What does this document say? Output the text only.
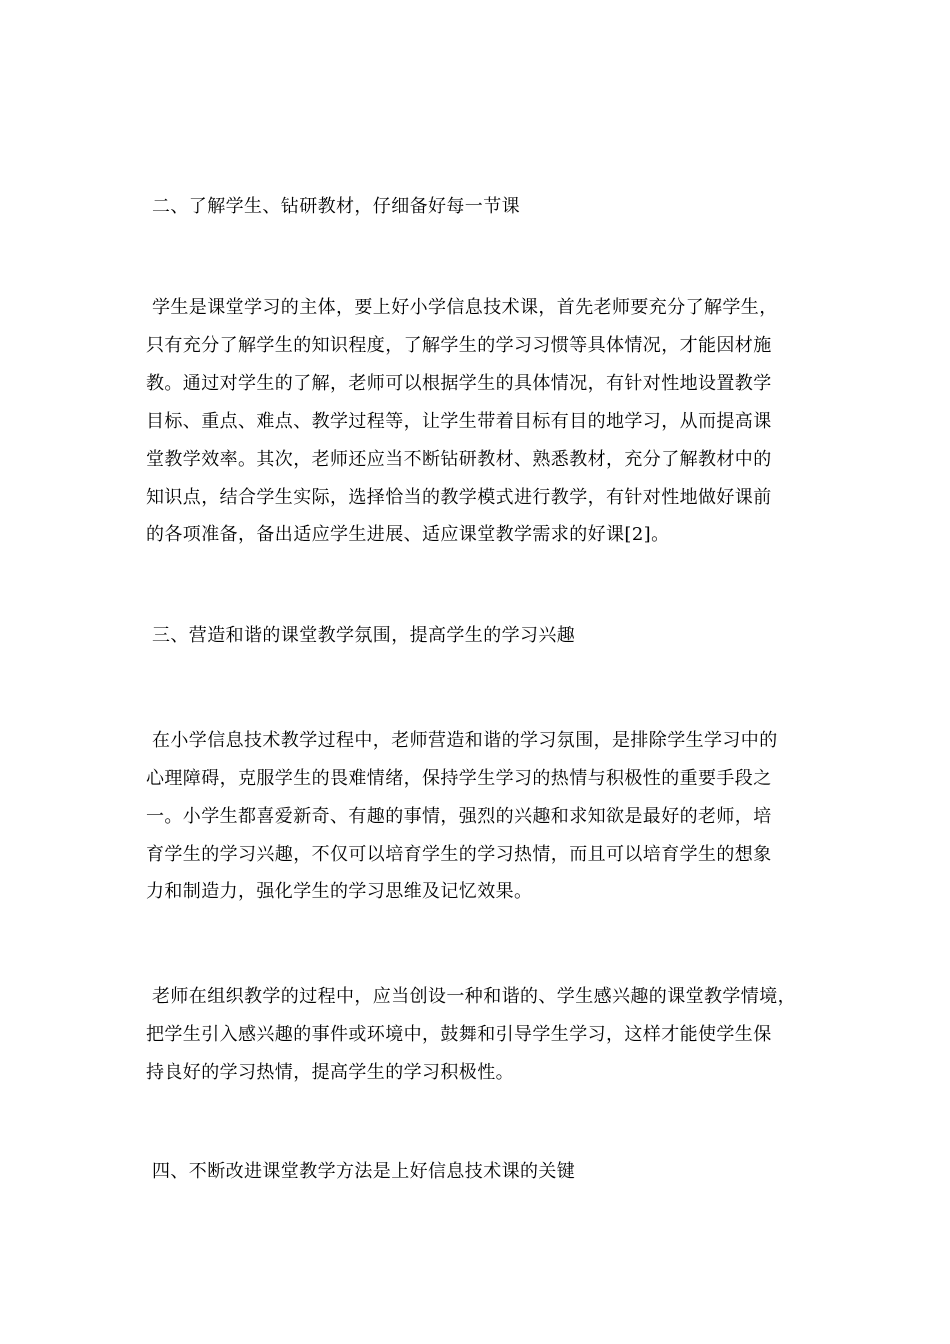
二、了解学生、钻研教材，仔细备好每一节课
学生是课堂学习的主体，要上好小学信息技术课，首先老师要充分了解学生，
只有充分了解学生的知识程度，了解学生的学习习惯等具体情况，才能因材施
教。通过对学生的了解，老师可以根据学生的具体情况，有针对性地设置教学
目标、重点、难点、教学过程等，让学生带着目标有目的地学习，从而提高课
堂教学效率。其次，老师还应当不断钻研教材、熟悉教材，充分了解教材中的
知识点，结合学生实际，选择恰当的教学模式进行教学，有针对性地做好课前
的各项准备，备出适应学生进展、适应课堂教学需求的好课[2]。
三、营造和谐的课堂教学氛围，提高学生的学习兴趣
在小学信息技术教学过程中，老师营造和谐的学习氛围，是排除学生学习中的
心理障碍，克服学生的畏难情绪，保持学生学习的热情与积极性的重要手段之
一。小学生都喜爱新奇、有趣的事情，强烈的兴趣和求知欲是最好的老师，培
育学生的学习兴趣，不仅可以培育学生的学习热情，而且可以培育学生的想象
力和制造力，强化学生的学习思维及记忆效果。
老师在组织教学的过程中，应当创设一种和谐的、学生感兴趣的课堂教学情境，
把学生引入感兴趣的事件或环境中，鼓舞和引导学生学习，这样才能使学生保
持良好的学习热情，提高学生的学习积极性。
四、不断改进课堂教学方法是上好信息技术课的关键
